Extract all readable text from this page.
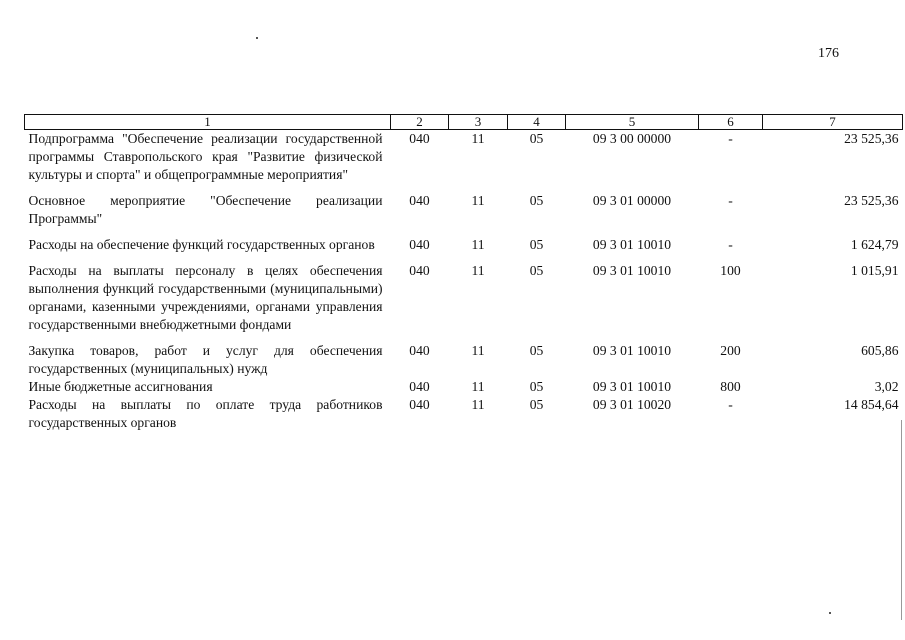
176
1	2	3	4	5	6	7
Подпрограмма "Обеспечение реализации государственной программы Ставропольского края "Развитие физической культуры и спорта" и общепрограммные мероприятия"	040	11	05	09 3 00 00000	-	23 525,36
Основное мероприятие "Обеспечение реализации Программы"	040	11	05	09 3 01 00000	-	23 525,36
Расходы на обеспечение функций государственных органов	040	11	05	09 3 01 10010	-	1 624,79
Расходы на выплаты персоналу в целях обеспечения выполнения функций государственными (муниципальными) органами, казенными учреждениями, органами управления государственными внебюджетными фондами	040	11	05	09 3 01 10010	100	1 015,91
Закупка товаров, работ и услуг для обеспечения государственных (муниципальных) нужд	040	11	05	09 3 01 10010	200	605,86
Иные бюджетные ассигнования	040	11	05	09 3 01 10010	800	3,02
Расходы на выплаты по оплате труда работников государственных органов	040	11	05	09 3 01 10020	-	14 854,64
